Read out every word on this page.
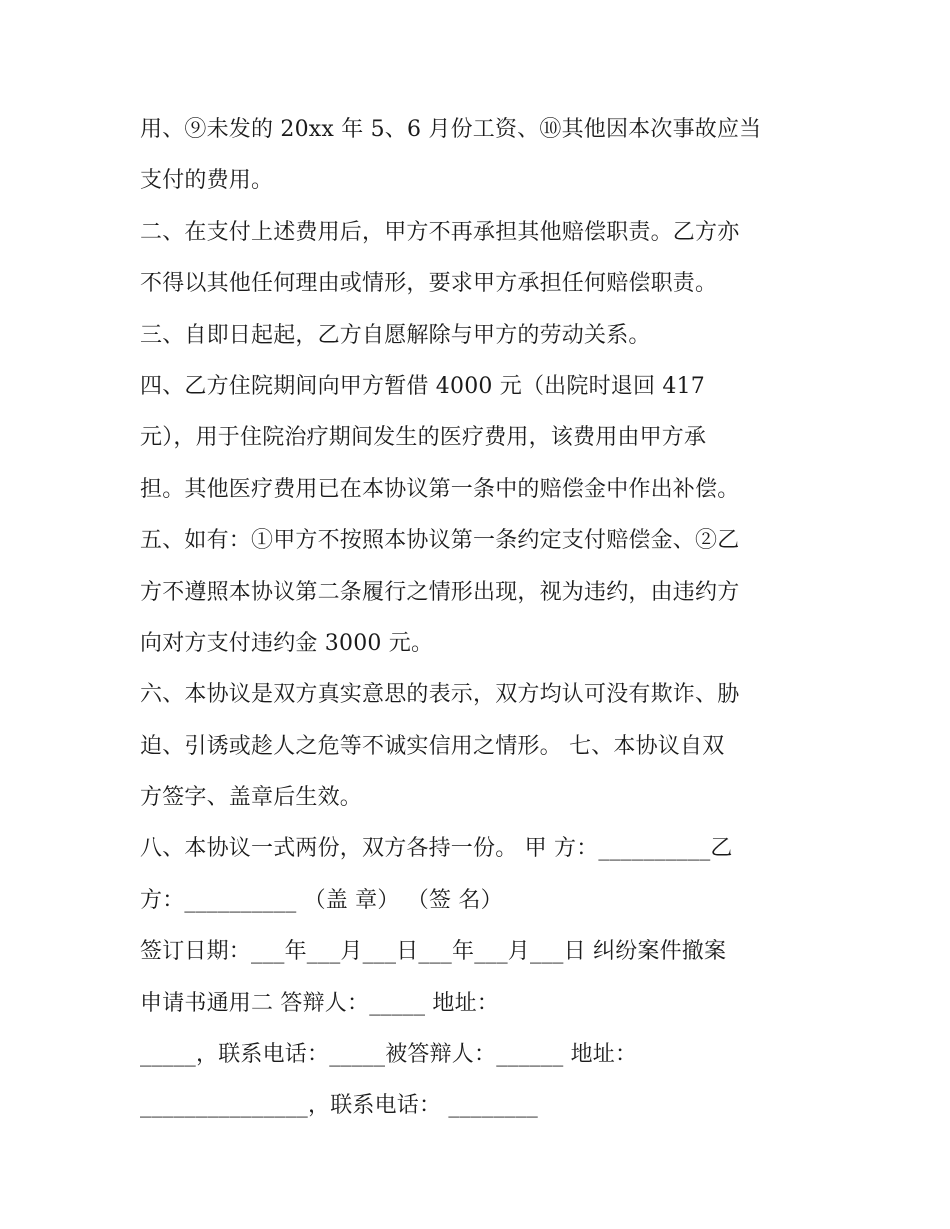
用、⑨未发的 20xx 年 5、6 月份工资、⑩其他因本次事故应当
支付的费用。
二、在支付上述费用后，甲方不再承担其他赔偿职责。乙方亦
不得以其他任何理由或情形，要求甲方承担任何赔偿职责。
三、自即日起起，乙方自愿解除与甲方的劳动关系。
四、乙方住院期间向甲方暂借 4000 元（出院时退回 417
元），用于住院治疗期间发生的医疗费用，该费用由甲方承
担。其他医疗费用已在本协议第一条中的赔偿金中作出补偿。
五、如有：①甲方不按照本协议第一条约定支付赔偿金、②乙
方不遵照本协议第二条履行之情形出现，视为违约，由违约方
向对方支付违约金 3000 元。
六、本协议是双方真实意思的表示，双方均认可没有欺诈、胁
迫、引诱或趁人之危等不诚实信用之情形。 七、本协议自双
方签字、盖章后生效。
八、本协议一式两份，双方各持一份。 甲 方：__________乙
方：__________ （盖 章） （签 名）
签订日期：___年___月___日___年___月___日 纠纷案件撤案
申请书通用二 答辩人：_____ 地址：
_____，联系电话：_____被答辩人：______ 地址：
_______________，联系电话： ________
